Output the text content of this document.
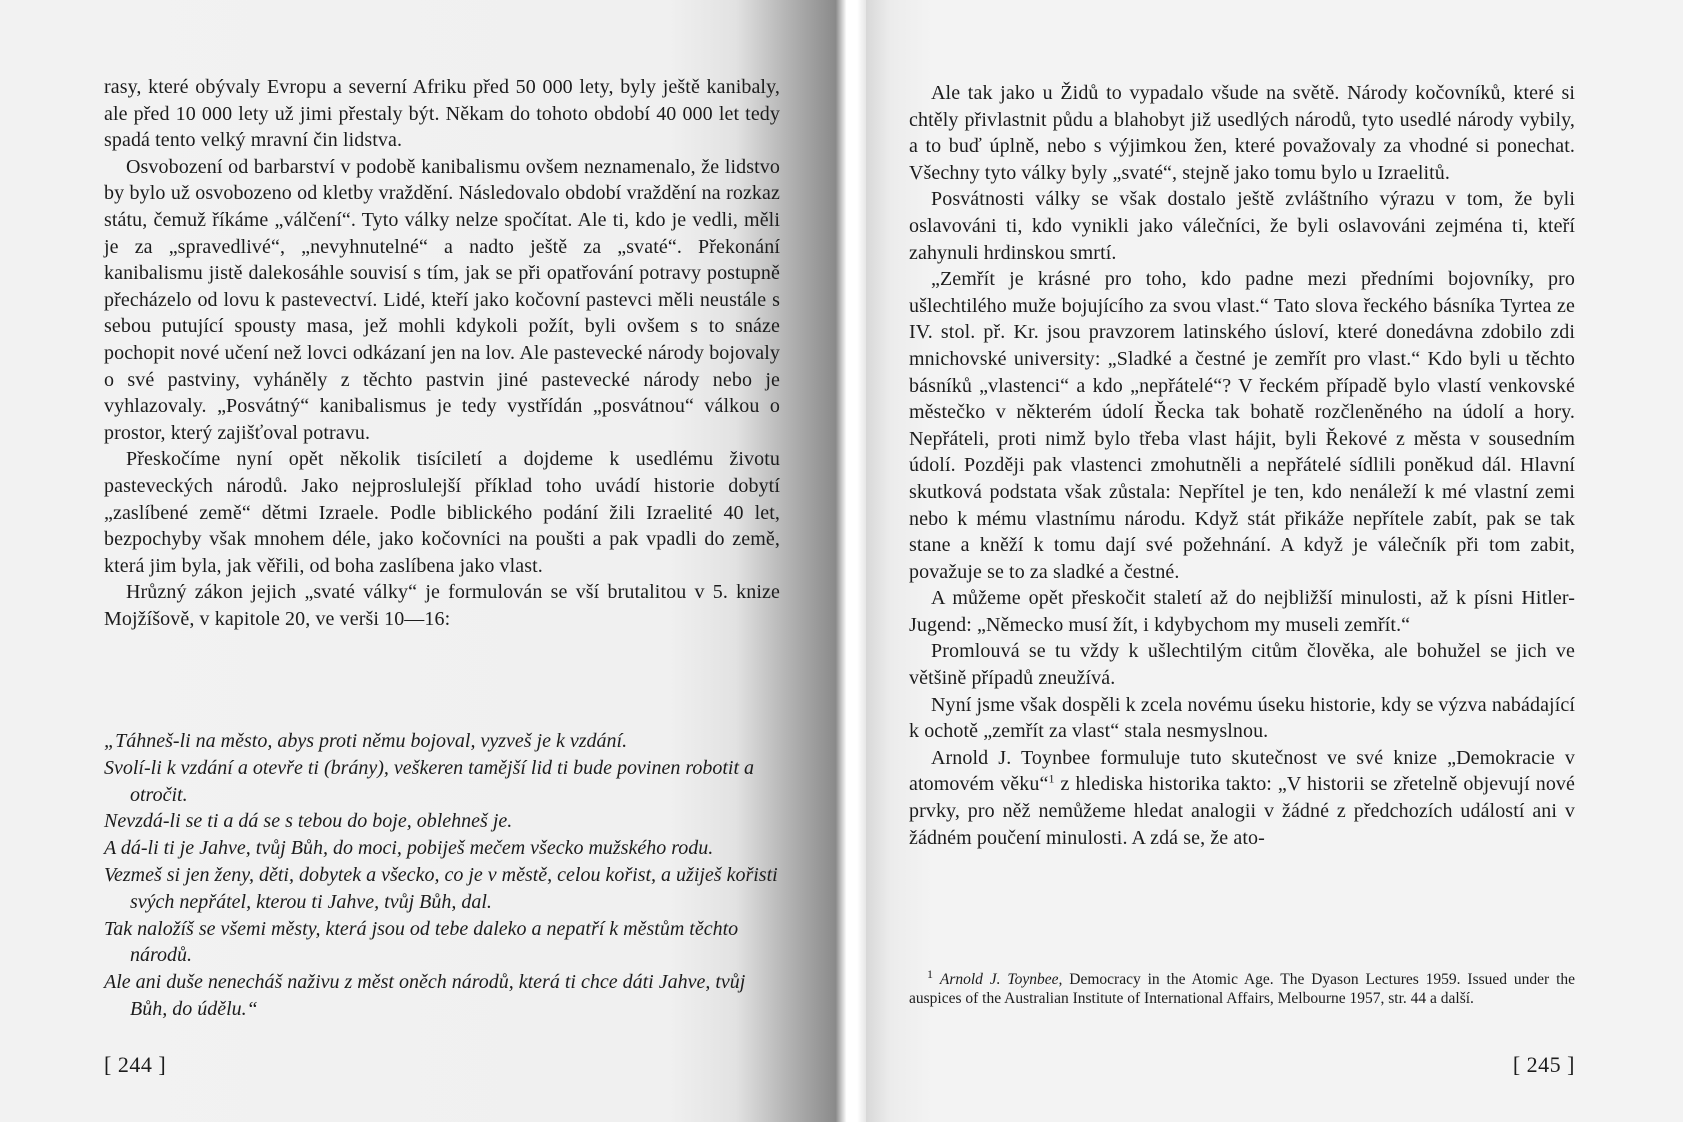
rasy, které obývaly Evropu a severní Afriku před 50 000 lety, byly ještě kanibaly, ale před 10 000 lety už jimi přestaly být. Někam do tohoto období 40 000 let tedy spadá tento velký mravní čin lidstva.

Osvobození od barbarství v podobě kanibalismu ovšem neznamenalo, že lidstvo by bylo už osvobozeno od kletby vraždění. Následovalo období vraždění na rozkaz státu, čemuž říkáme „válčení“. Tyto války nelze spočítat. Ale ti, kdo je vedli, měli je za „spravedlivé“, „nevyhnutelné“ a nadto ještě za „svaté“. Překonání kanibalismu jistě dalekosáhle souvisí s tím, jak se při opatřování potravy postupně přecházelo od lovu k pastevectví. Lidé, kteří jako kočovní pastevci měli neustále s sebou putující spousty masa, jež mohli kdykoli požít, byli ovšem s to snáze pochopit nové učení než lovci odkázaní jen na lov. Ale pastevecké národy bojovaly o své pastviny, vyháněly z těchto pastvin jiné pastevecké národy nebo je vyhlazovaly. „Posvátný“ kanibalismus je tedy vystřídán „posvátnou“ válkou o prostor, který zajišťoval potravu.

Přeskočíme nyní opět několik tisíciletí a dojdeme k usedlému životu pasteveckých národů. Jako nejproslulejší příklad toho uvádí historie dobytí „zaslíbené země“ dětmi Izraele. Podle biblického podání žili Izraelité 40 let, bezpochyby však mnohem déle, jako kočovníci na poušti a pak vpadli do země, která jim byla, jak věřili, od boha zaslíbena jako vlast.

Hrůzný zákon jejich „svaté války“ je formulován se vší brutalitou v 5. knize Mojžíšově, v kapitole 20, ve verši 10—16:

„Táhneš-li na město, abys proti němu bojoval, vyzveš je k vzdání.
Svolí-li k vzdání a otevře ti (brány), veškeren tamější lid ti bude povinen robotit a otročit.
Nevzdá-li se ti a dá se s tebou do boje, oblehneš je.
A dá-li ti je Jahve, tvůj Bůh, do moci, pobiješ mečem všecko mužského rodu.
Vezmeš si jen ženy, děti, dobytek a všecko, co je v městě, celou kořist, a užiješ kořisti svých nepřátel, kterou ti Jahve, tvůj Bůh, dal.
Tak naložíš se všemi městy, která jsou od tebe daleko a nepatří k městům těchto národů.
Ale ani duše nenecháš naživu z měst oněch národů, která ti chce dáti Jahve, tvůj Bůh, do údělu.“
[ 244 ]

Ale tak jako u Židů to vypadalo všude na světě. Národy kočovníků, které si chtěly přivlastnit půdu a blahobyt již usedlých národů, tyto usedlé národy vybily, a to buď úplně, nebo s výjimkou žen, které považovaly za vhodné si ponechat. Všechny tyto války byly „svaté“, stejně jako tomu bylo u Izraelitů.

Posvátnosti války se však dostalo ještě zvláštního výrazu v tom, že byli oslavováni ti, kdo vynikli jako válečníci, že byli oslavováni zejména ti, kteří zahynuli hrdinskou smrtí.

„Zemřít je krásné pro toho, kdo padne mezi předními bojovníky, pro ušlechtilého muže bojujícího za svou vlast.“ Tato slova řeckého básníka Tyrtea ze IV. stol. př. Kr. jsou pravzorem latinského úsloví, které donedávna zdobilo zdi mnichovské university: „Sladké a čestné je zemřít pro vlast.“ Kdo byli u těchto básníků „vlastenci“ a kdo „nepřátelé“? V řeckém případě bylo vlastí venkovské městečko v některém údolí Řecka tak bohatě rozčleněného na údolí a hory. Nepřáteli, proti nimž bylo třeba vlast hájit, byli Řekové z města v sousedním údolí. Později pak vlastenci zmohutněli a nepřátelé sídlili poněkud dál. Hlavní skutková podstata však zůstala: Nepřítel je ten, kdo nenáleží k mé vlastní zemi nebo k mému vlastnímu národu. Když stát přikáže nepřítele zabít, pak se tak stane a kněží k tomu dají své požehnání. A když je válečník při tom zabit, považuje se to za sladké a čestné.

A můžeme opět přeskočit staletí až do nejbližší minulosti, až k písni Hitler-Jugend: „Německo musí žít, i kdybychom my museli zemřít.“

Promlouvá se tu vždy k ušlechtilým citům člověka, ale bohužel se jich ve většině případů zneužívá.

Nyní jsme však dospěli k zcela novému úseku historie, kdy se výzva nabádající k ochotě „zemřít za vlast“ stala nesmyslnou.

Arnold J. Toynbee formuluje tuto skutečnost ve své knize „Demokracie v atomovém věku“$^1$ z hlediska historika takto: „V historii se zřetelně objevují nové prvky, pro něž nemůžeme hledat analogii v žádné z předchozích událostí ani v žádném poučení minulosti. A zdá se, že ato-

$^1$ Arnold J. Toynbee, Democracy in the Atomic Age. The Dyason Lectures 1959. Issued under the auspices of the Australian Institute of International Affairs, Melbourne 1957, str. 44 a další.

[ 245 ]
